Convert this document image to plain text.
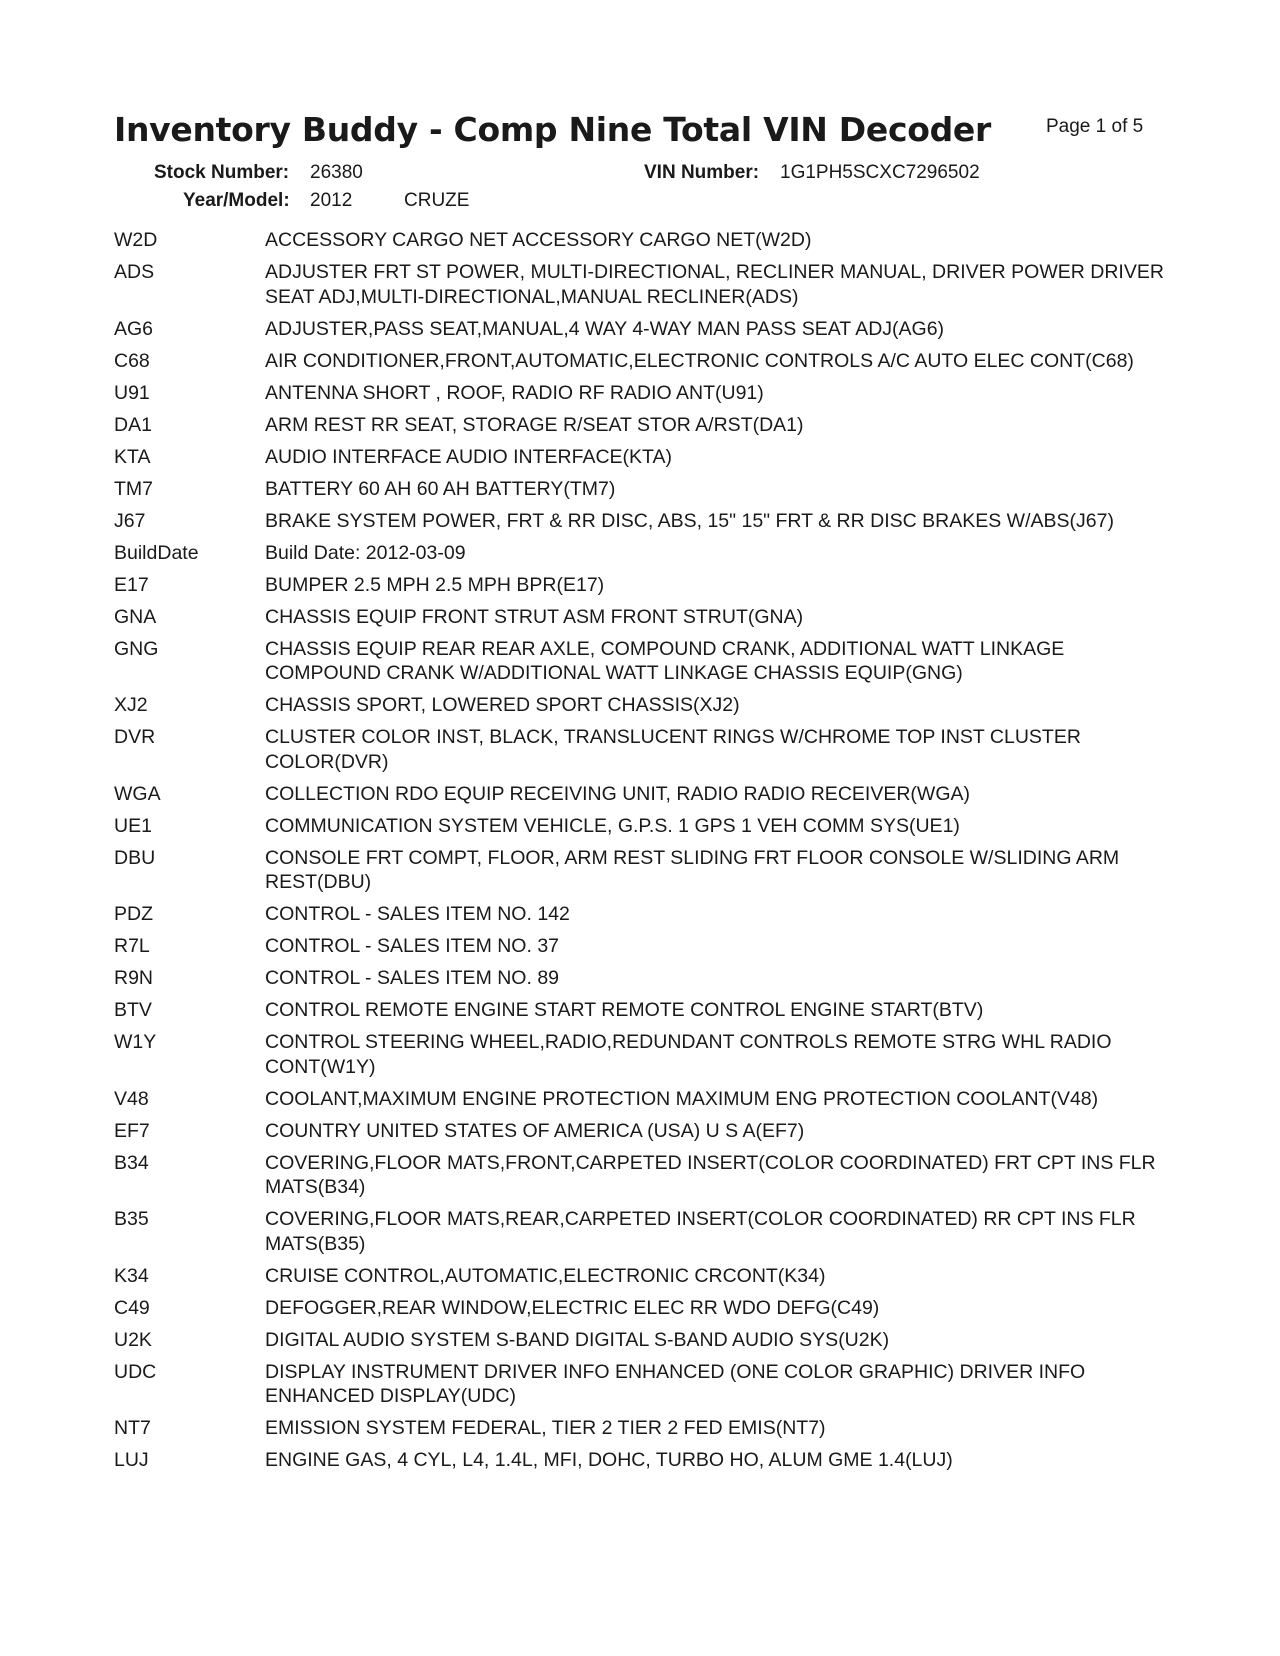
Inventory Buddy - Comp Nine Total VIN Decoder	Page 1 of 5
Stock Number: 26380	VIN Number: 1G1PH5SCXC7296502
Year/Model: 2012	CRUZE
W2D	ACCESSORY CARGO NET ACCESSORY CARGO NET(W2D)
ADS	ADJUSTER FRT ST POWER, MULTI-DIRECTIONAL, RECLINER MANUAL, DRIVER POWER DRIVER SEAT ADJ,MULTI-DIRECTIONAL,MANUAL RECLINER(ADS)
AG6	ADJUSTER,PASS SEAT,MANUAL,4 WAY 4-WAY MAN PASS SEAT ADJ(AG6)
C68	AIR CONDITIONER,FRONT,AUTOMATIC,ELECTRONIC CONTROLS A/C AUTO ELEC CONT(C68)
U91	ANTENNA SHORT , ROOF, RADIO RF RADIO ANT(U91)
DA1	ARM REST RR SEAT, STORAGE R/SEAT STOR A/RST(DA1)
KTA	AUDIO INTERFACE AUDIO INTERFACE(KTA)
TM7	BATTERY 60 AH 60 AH BATTERY(TM7)
J67	BRAKE SYSTEM POWER, FRT & RR DISC, ABS, 15" 15" FRT & RR DISC BRAKES W/ABS(J67)
BuildDate	Build Date: 2012-03-09
E17	BUMPER 2.5 MPH 2.5 MPH BPR(E17)
GNA	CHASSIS EQUIP FRONT STRUT ASM FRONT STRUT(GNA)
GNG	CHASSIS EQUIP REAR REAR AXLE, COMPOUND CRANK, ADDITIONAL WATT LINKAGE COMPOUND CRANK W/ADDITIONAL WATT LINKAGE CHASSIS EQUIP(GNG)
XJ2	CHASSIS SPORT, LOWERED SPORT CHASSIS(XJ2)
DVR	CLUSTER COLOR INST, BLACK, TRANSLUCENT RINGS W/CHROME TOP INST CLUSTER COLOR(DVR)
WGA	COLLECTION RDO EQUIP RECEIVING UNIT, RADIO RADIO RECEIVER(WGA)
UE1	COMMUNICATION SYSTEM VEHICLE, G.P.S. 1 GPS 1 VEH COMM SYS(UE1)
DBU	CONSOLE FRT COMPT, FLOOR, ARM REST SLIDING FRT FLOOR CONSOLE W/SLIDING ARM REST(DBU)
PDZ	CONTROL - SALES ITEM NO. 142
R7L	CONTROL - SALES ITEM NO. 37
R9N	CONTROL - SALES ITEM NO. 89
BTV	CONTROL REMOTE ENGINE START REMOTE CONTROL ENGINE START(BTV)
W1Y	CONTROL STEERING WHEEL,RADIO,REDUNDANT CONTROLS REMOTE STRG WHL RADIO CONT(W1Y)
V48	COOLANT,MAXIMUM ENGINE PROTECTION MAXIMUM ENG PROTECTION COOLANT(V48)
EF7	COUNTRY UNITED STATES OF AMERICA (USA) U S A(EF7)
B34	COVERING,FLOOR MATS,FRONT,CARPETED INSERT(COLOR COORDINATED) FRT CPT INS FLR MATS(B34)
B35	COVERING,FLOOR MATS,REAR,CARPETED INSERT(COLOR COORDINATED) RR CPT INS FLR MATS(B35)
K34	CRUISE CONTROL,AUTOMATIC,ELECTRONIC CRCONT(K34)
C49	DEFOGGER,REAR WINDOW,ELECTRIC ELEC RR WDO DEFG(C49)
U2K	DIGITAL AUDIO SYSTEM S-BAND DIGITAL S-BAND AUDIO SYS(U2K)
UDC	DISPLAY INSTRUMENT DRIVER INFO ENHANCED (ONE COLOR GRAPHIC) DRIVER INFO ENHANCED DISPLAY(UDC)
NT7	EMISSION SYSTEM FEDERAL, TIER 2 TIER 2 FED EMIS(NT7)
LUJ	ENGINE GAS, 4 CYL, L4, 1.4L, MFI, DOHC, TURBO HO, ALUM GME 1.4(LUJ)
